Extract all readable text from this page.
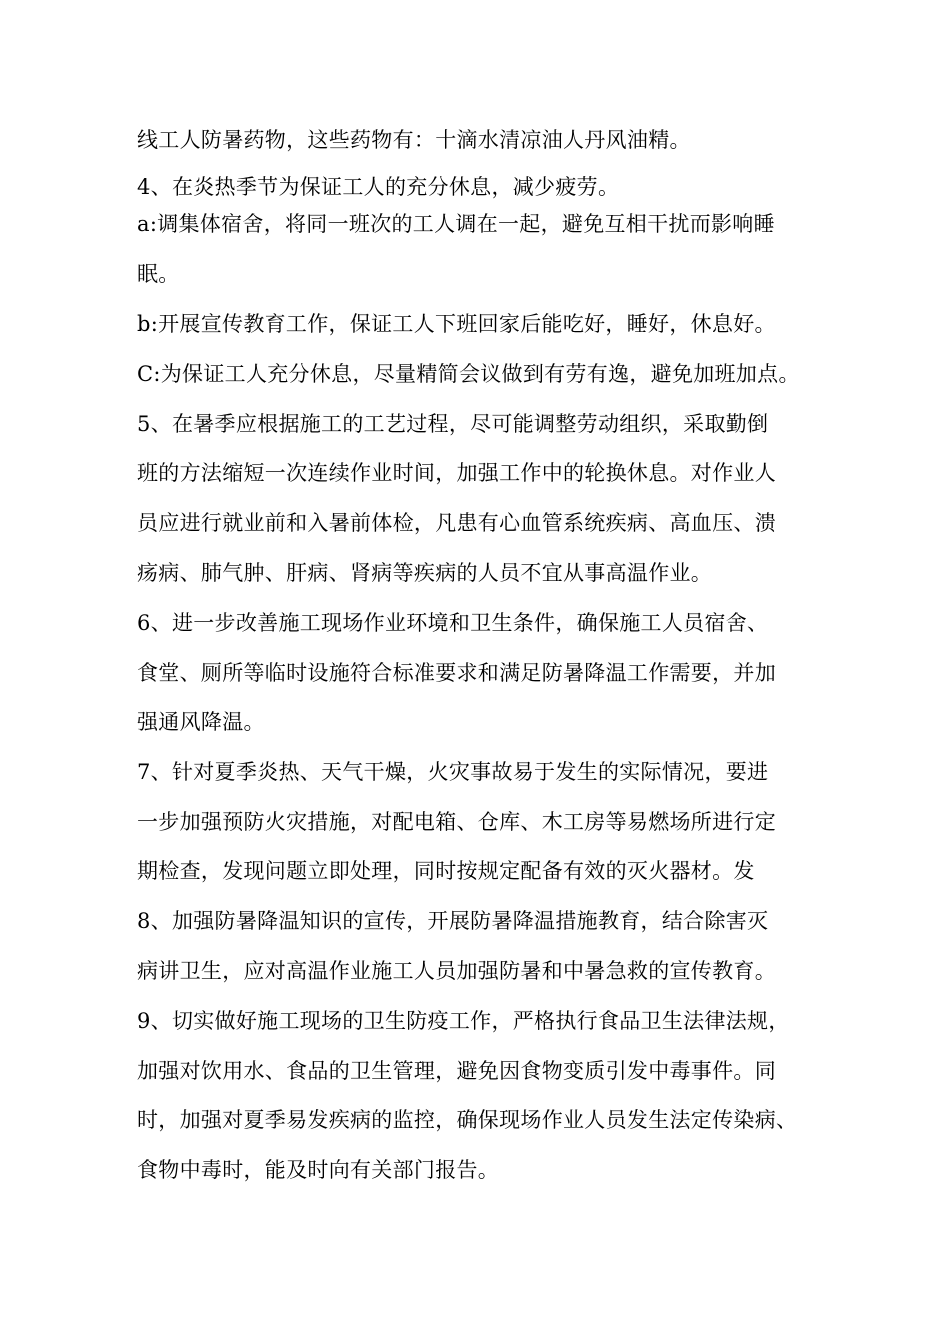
线工人防暑药物，这些药物有：十滴水清凉油人丹风油精。
4、在炎热季节为保证工人的充分休息，减少疲劳。
a:调集体宿舍，将同一班次的工人调在一起，避免互相干扰而影响睡
眠。
b:开展宣传教育工作，保证工人下班回家后能吃好，睡好，休息好。
C:为保证工人充分休息，尽量精简会议做到有劳有逸，避免加班加点。
5、在暑季应根据施工的工艺过程，尽可能调整劳动组织，采取勤倒
班的方法缩短一次连续作业时间，加强工作中的轮换休息。对作业人
员应进行就业前和入暑前体检，凡患有心血管系统疾病、高血压、溃
疡病、肺气肿、肝病、肾病等疾病的人员不宜从事高温作业。
6、进一步改善施工现场作业环境和卫生条件，确保施工人员宿舍、
食堂、厕所等临时设施符合标准要求和满足防暑降温工作需要，并加
强通风降温。
7、针对夏季炎热、天气干燥，火灾事故易于发生的实际情况，要进
一步加强预防火灾措施，对配电箱、仓库、木工房等易燃场所进行定
期检查，发现问题立即处理，同时按规定配备有效的灭火器材。发
8、加强防暑降温知识的宣传，开展防暑降温措施教育，结合除害灭
病讲卫生，应对高温作业施工人员加强防暑和中暑急救的宣传教育。
9、切实做好施工现场的卫生防疫工作，严格执行食品卫生法律法规，
加强对饮用水、食品的卫生管理，避免因食物变质引发中毒事件。同
时，加强对夏季易发疾病的监控，确保现场作业人员发生法定传染病、
食物中毒时，能及时向有关部门报告。
